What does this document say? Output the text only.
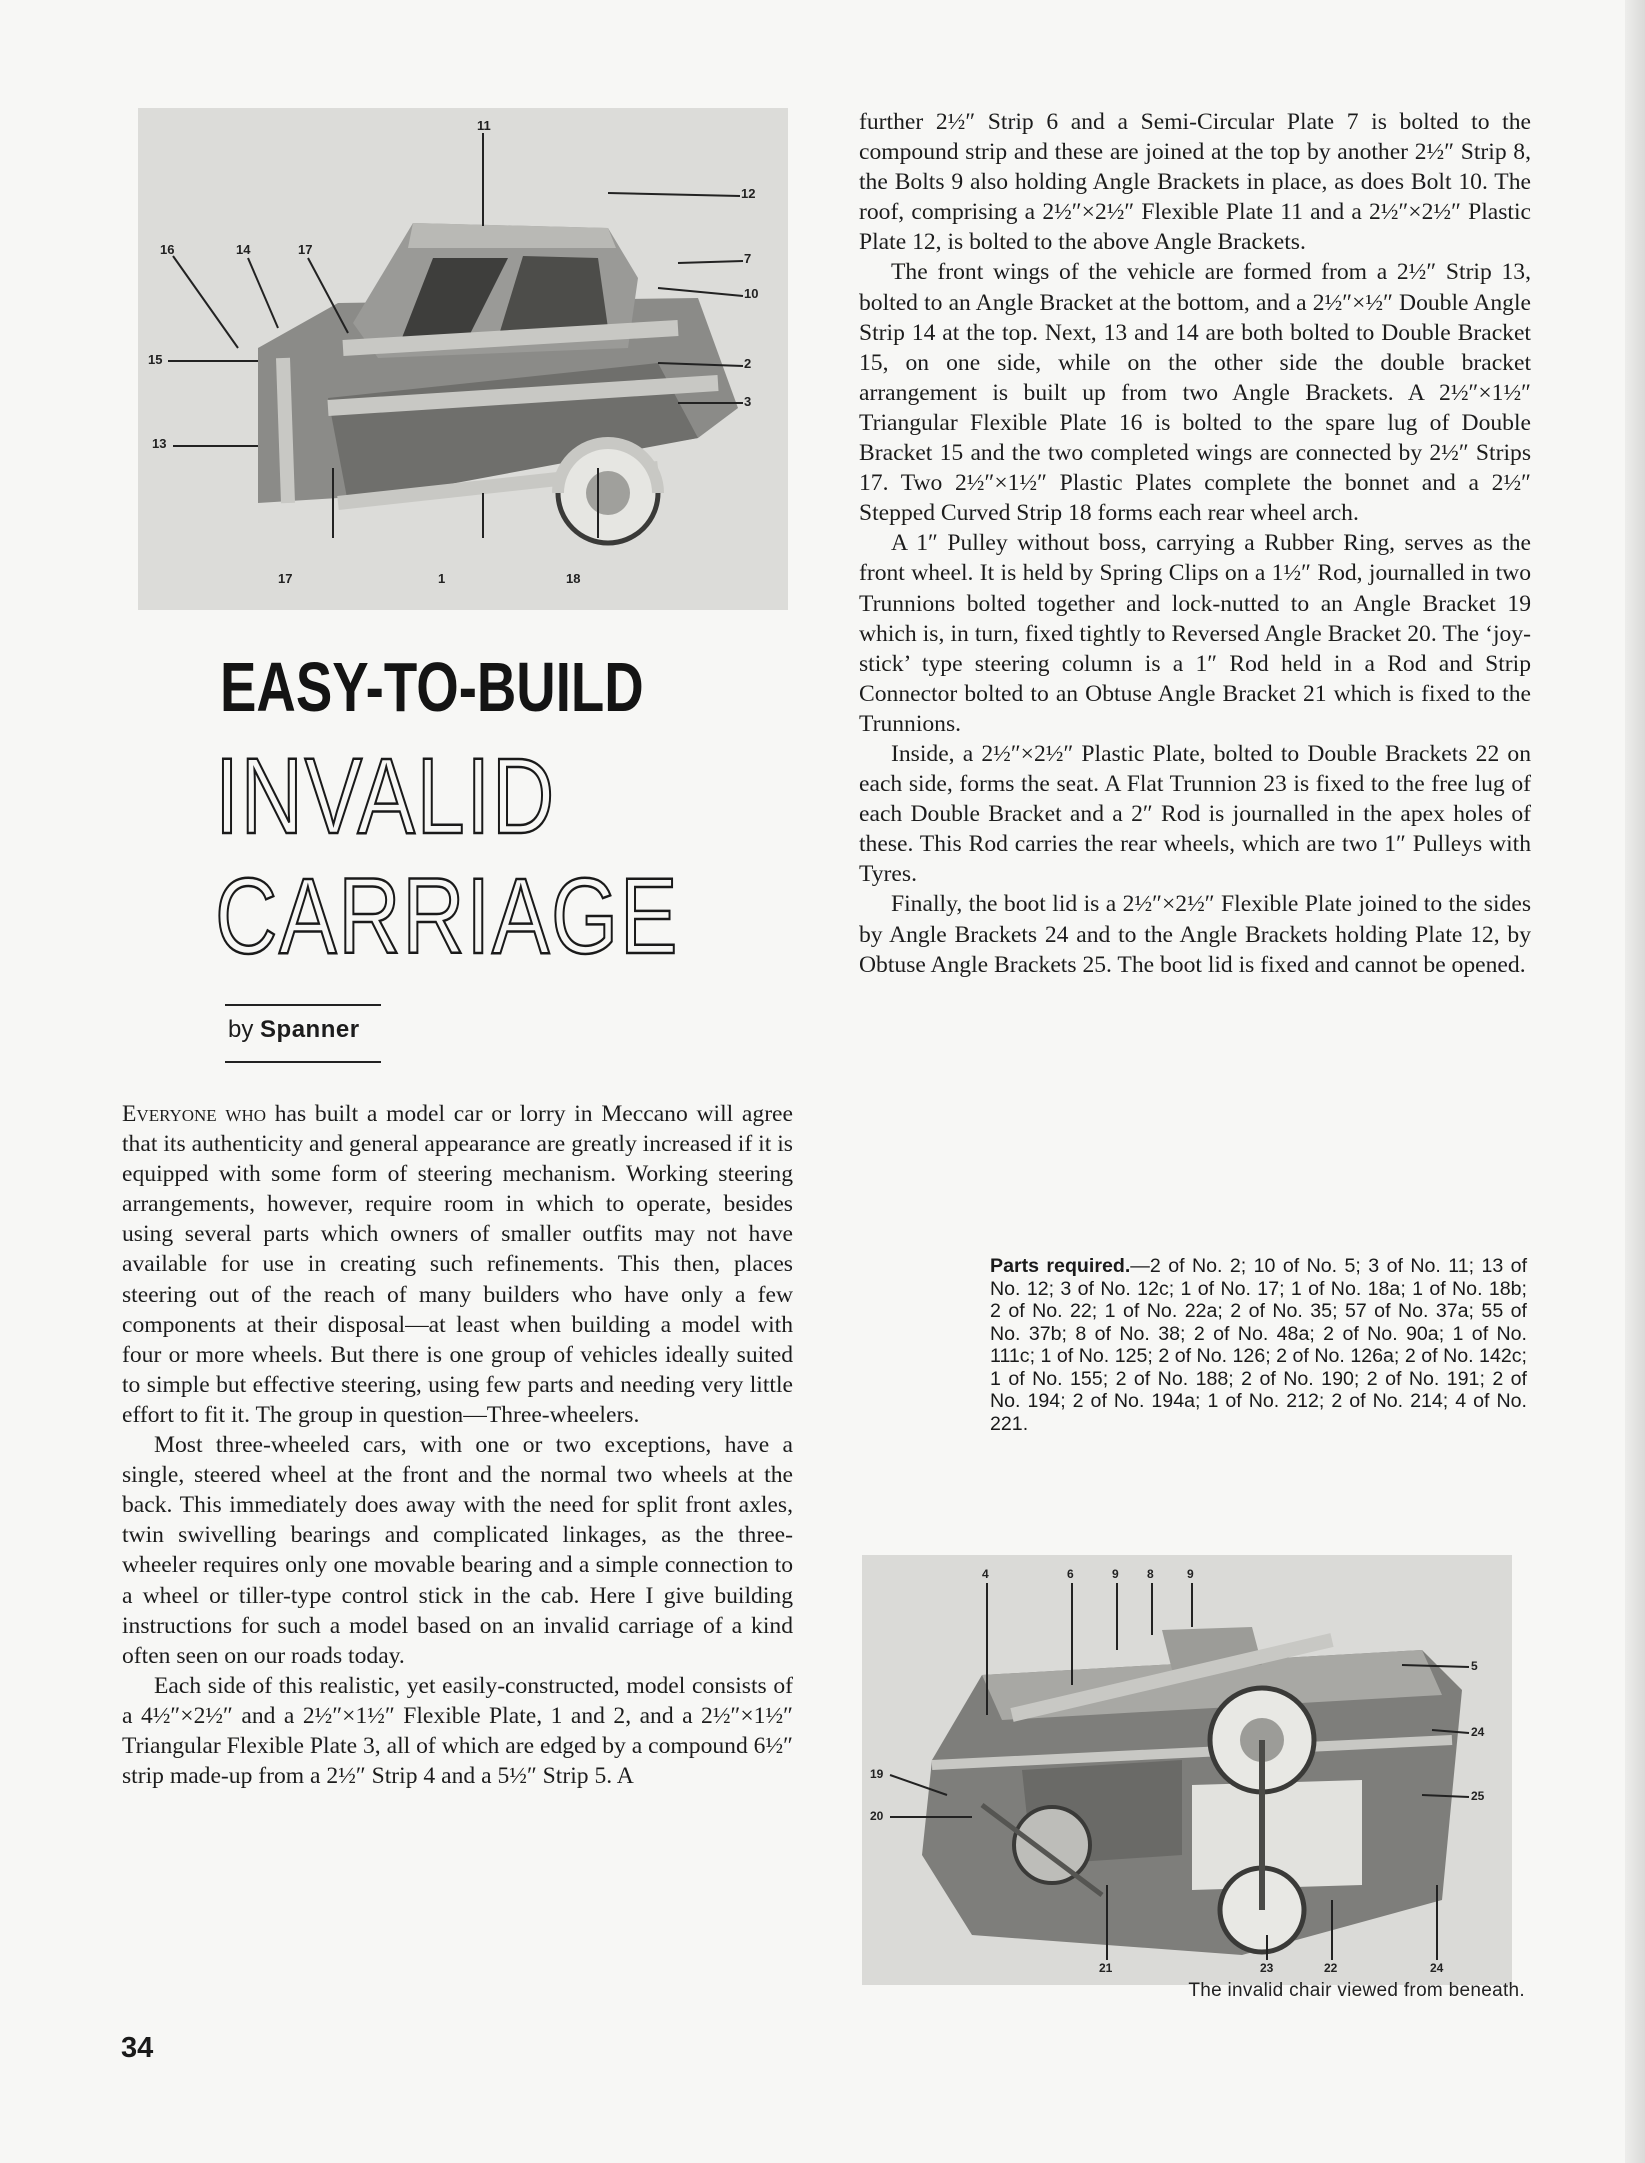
11
12
16	14	17
7
10
15	2
3
13
17	1	18
EASY-TO-BUILD
INVALID
CARRIAGE

by Spanner

Everyone who has built a model car or lorry in Meccano will agree that its authenticity and general appearance are greatly increased if it is equipped with some form of steering mechanism. Working steering arrangements, however, require room in which to operate, besides using several parts which owners of smaller outfits may not have available for use in creating such refinements. This then, places steering out of the reach of many builders who have only a few components at their disposal—at least when building a model with four or more wheels. But there is one group of vehicles ideally suited to simple but effective steering, using few parts and needing very little effort to fit it. The group in question—Three-wheelers.

Most three-wheeled cars, with one or two exceptions, have a single, steered wheel at the front and the normal two wheels at the back. This immediately does away with the need for split front axles, twin swivelling bearings and complicated linkages, as the three-wheeler requires only one movable bearing and a simple connection to a wheel or tiller-type control stick in the cab. Here I give building instructions for such a model based on an invalid carriage of a kind often seen on our roads today.

Each side of this realistic, yet easily-constructed, model consists of a 4½″×2½″ and a 2½″×1½″ Flexible Plate, 1 and 2, and a 2½″×1½″ Triangular Flexible Plate 3, all of which are edged by a compound 6½″ strip made-up from a 2½″ Strip 4 and a 5½″ Strip 5. A

further 2½″ Strip 6 and a Semi-Circular Plate 7 is bolted to the compound strip and these are joined at the top by another 2½″ Strip 8, the Bolts 9 also holding Angle Brackets in place, as does Bolt 10. The roof, comprising a 2½″×2½″ Flexible Plate 11 and a 2½″×2½″ Plastic Plate 12, is bolted to the above Angle Brackets.

The front wings of the vehicle are formed from a 2½″ Strip 13, bolted to an Angle Bracket at the bottom, and a 2½″×½″ Double Angle Strip 14 at the top. Next, 13 and 14 are both bolted to Double Bracket 15, on one side, while on the other side the double bracket arrangement is built up from two Angle Brackets. A 2½″×1½″ Triangular Flexible Plate 16 is bolted to the spare lug of Double Bracket 15 and the two completed wings are connected by 2½″ Strips 17. Two 2½″×1½″ Plastic Plates complete the bonnet and a 2½″ Stepped Curved Strip 18 forms each rear wheel arch.

A 1″ Pulley without boss, carrying a Rubber Ring, serves as the front wheel. It is held by Spring Clips on a 1½″ Rod, journalled in two Trunnions bolted together and lock-nutted to an Angle Bracket 19 which is, in turn, fixed tightly to Reversed Angle Bracket 20. The ‘joy-stick’ type steering column is a 1″ Rod held in a Rod and Strip Connector bolted to an Obtuse Angle Bracket 21 which is fixed to the Trunnions.

Inside, a 2½″×2½″ Plastic Plate, bolted to Double Brackets 22 on each side, forms the seat. A Flat Trunnion 23 is fixed to the free lug of each Double Bracket and a 2″ Rod is journalled in the apex holes of these. This Rod carries the rear wheels, which are two 1″ Pulleys with Tyres.

Finally, the boot lid is a 2½″×2½″ Flexible Plate joined to the sides by Angle Brackets 24 and to the Angle Brackets holding Plate 12, by Obtuse Angle Brackets 25. The boot lid is fixed and cannot be opened.

Parts required.—2 of No. 2; 10 of No. 5; 3 of No. 11; 13 of No. 12; 3 of No. 12c; 1 of No. 17; 1 of No. 18a; 1 of No. 18b; 2 of No. 22; 1 of No. 22a; 2 of No. 35; 57 of No. 37a; 55 of No. 37b; 8 of No. 38; 2 of No. 48a; 2 of No. 90a; 1 of No. 111c; 1 of No. 125; 2 of No. 126; 2 of No. 126a; 2 of No. 142c; 1 of No. 155; 2 of No. 188; 2 of No. 190; 2 of No. 191; 2 of No. 194; 2 of No. 194a; 1 of No. 212; 2 of No. 214; 4 of No. 221.

4	6	9 8	9
5
24
19
25
20
21	23	22	24

The invalid chair viewed from beneath.

34
